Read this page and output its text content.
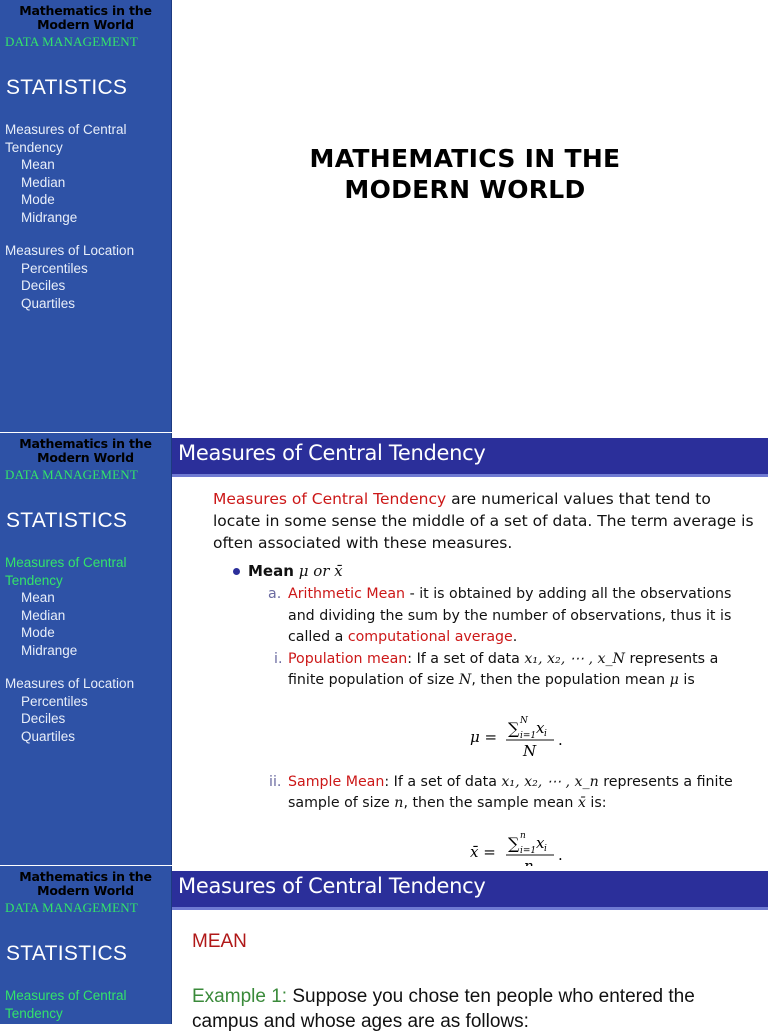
Mathematics in the
Modern World
DATA MANAGEMENT
STATISTICS
Measures of Central
Tendency
Mean
Median
Mode
Midrange
Measures of Location
Percentiles
Deciles
Quartiles
MATHEMATICS IN THE
MODERN WORLD
Mathematics in the
Modern World
DATA MANAGEMENT
STATISTICS
Measures of Central
Tendency
Mean
Median
Mode
Midrange
Measures of Location
Percentiles
Deciles
Quartiles
Measures of Central Tendency

Measures of Central Tendency are numerical values that tend to locate in some sense the middle of a set of data. The term average is often associated with these measures.

Mean μ or x̄
a. Arithmetic Mean - it is obtained by adding all the observations and dividing the sum by the number of observations, thus it is called a computational average.
i. Population mean: If a set of data x₁, x₂, ⋯ , x_N represents a finite population of size N, then the population mean μ is
μ = ∑ N
i=1 x i
N
.
ii. Sample Mean: If a set of data x₁, x₂, ⋯ , x_n represents a finite sample of size n, then the sample mean x̄ is:
x̄ = ∑ n
i=1 x i .
Mathematics in the
Modern World
DATA MANAGEMENT
STATISTICS
Measures of Central
Tendency
Measures of Central Tendency
MEAN
Example 1: Suppose you chose ten people who entered the campus and whose ages are as follows:
